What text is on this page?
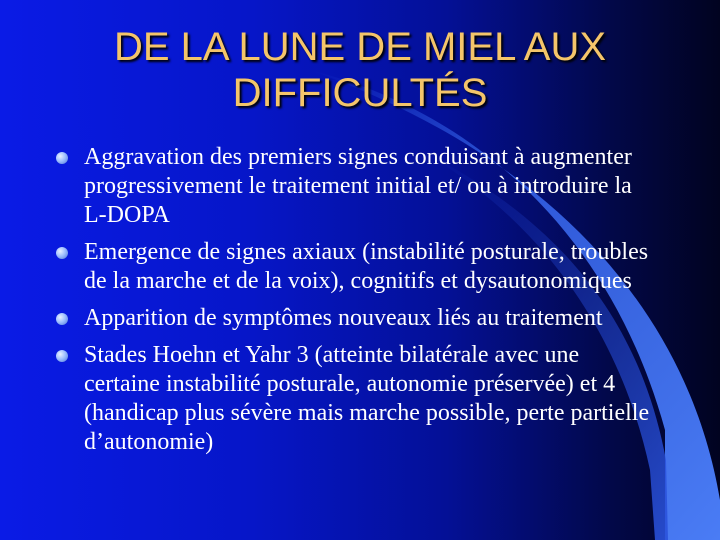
DE LA LUNE DE MIEL AUX DIFFICULTÉS
Aggravation des premiers signes conduisant à augmenter progressivement le traitement initial et/ ou à introduire la L-DOPA
Emergence de signes axiaux (instabilité posturale, troubles de la marche et de la voix), cognitifs et dysautonomiques
Apparition de symptômes nouveaux liés au traitement
Stades Hoehn et Yahr 3 (atteinte bilatérale avec une certaine instabilité posturale, autonomie préservée) et 4 (handicap plus sévère mais marche possible, perte partielle d’autonomie)
